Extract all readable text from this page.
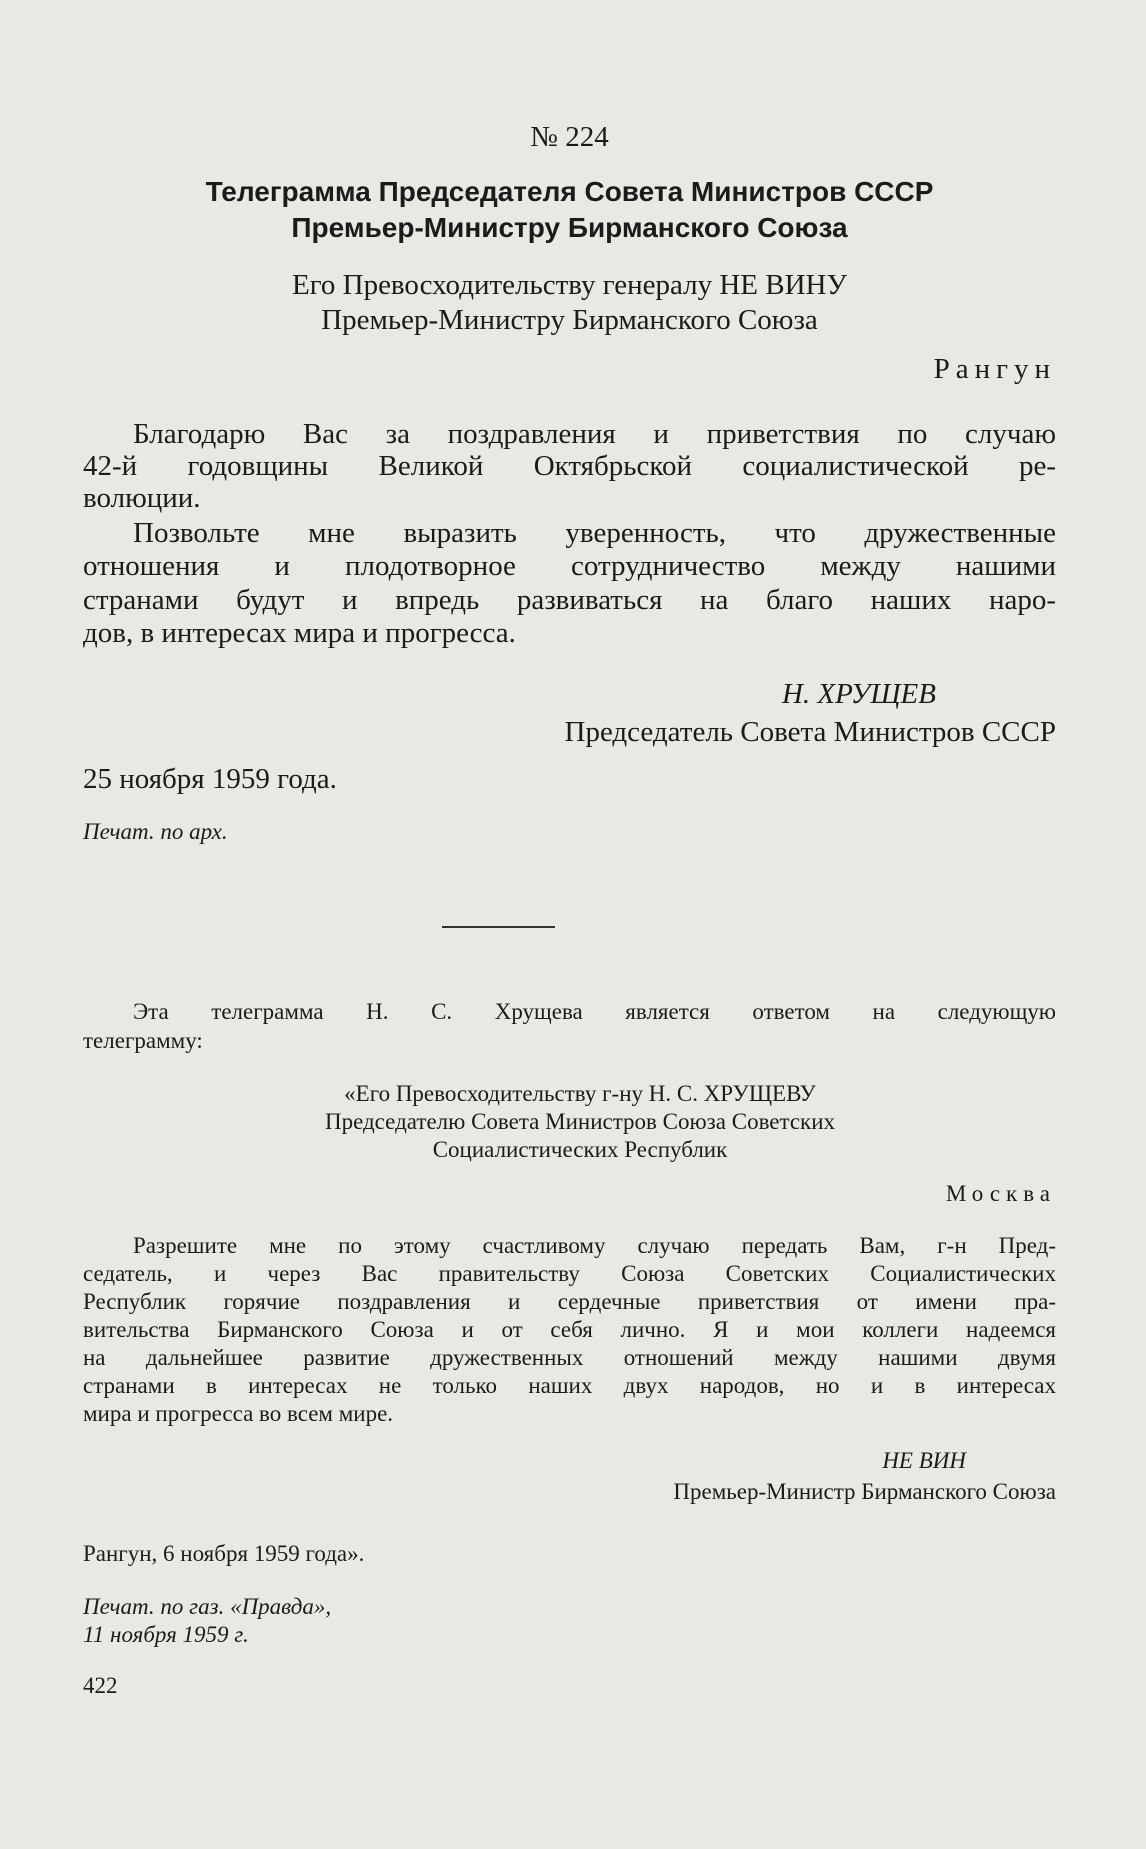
№ 224
Телеграмма Председателя Совета Министров СССР
Премьер-Министру Бирманского Союза
Его Превосходительству генералу НЕ ВИНУ
Премьер-Министру Бирманского Союза
Рангун
Благодарю Вас за поздравления и приветствия по случаю
42-й годовщины Великой Октябрьской социалистической ре-
волюции.
Позвольте мне выразить уверенность, что дружественные
отношения и плодотворное сотрудничество между нашими
странами будут и впредь развиваться на благо наших наро-
дов, в интересах мира и прогресса.
Н. ХРУЩЕВ
Председатель Совета Министров СССР
25 ноября 1959 года.
Печат. по арх.
Эта телеграмма Н. С. Хрущева является ответом на следующую
телеграмму:
«Его Превосходительству г-ну Н. С. ХРУЩЕВУ
Председателю Совета Министров Союза Советских
Социалистических Республик
Москва
Разрешите мне по этому счастливому случаю передать Вам, г-н Пред-
седатель, и через Вас правительству Союза Советских Социалистических
Республик горячие поздравления и сердечные приветствия от имени пра-
вительства Бирманского Союза и от себя лично. Я и мои коллеги надеемся
на дальнейшее развитие дружественных отношений между нашими двумя
странами в интересах не только наших двух народов, но и в интересах
мира и прогресса во всем мире.
НЕ ВИН
Премьер-Министр Бирманского Союза
Рангун, 6 ноября 1959 года».
Печат. по газ. «Правда»,
11 ноября 1959 г.
422
